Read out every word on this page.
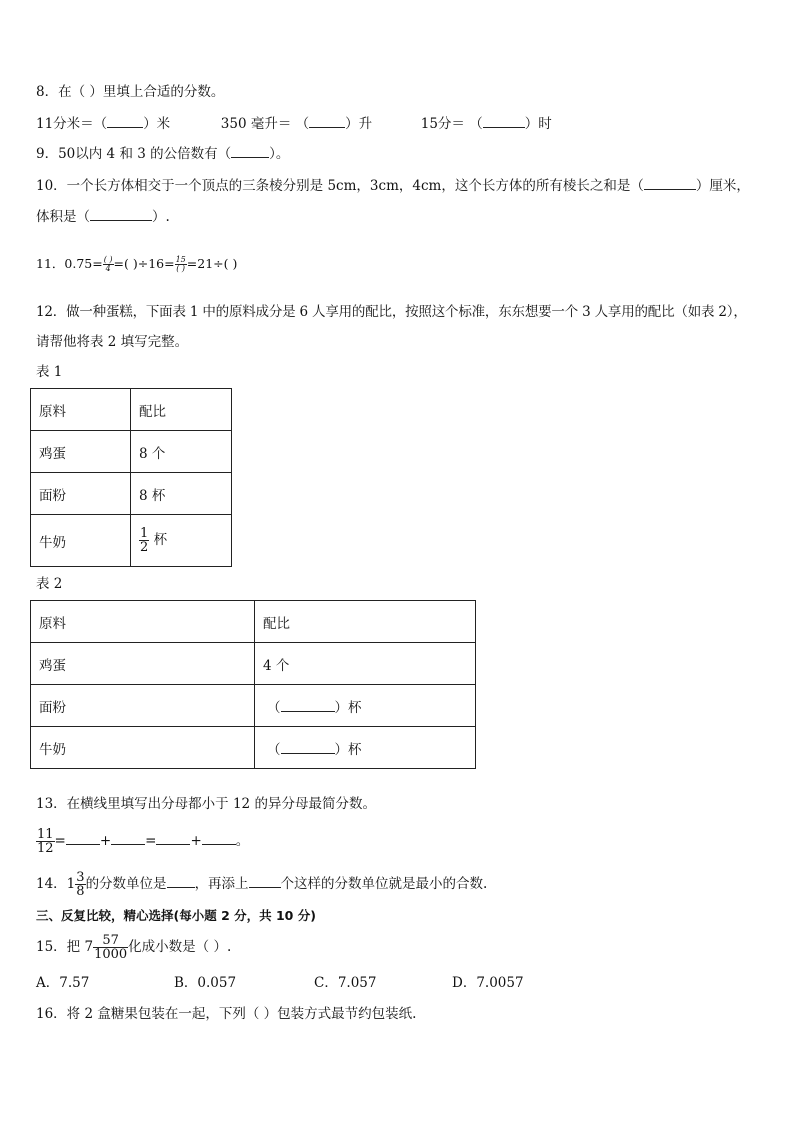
8．在（ ）里填上合适的分数。
11分米＝（	）米	350 毫升＝ （	）升	15分＝ （	）时
9．50以内 4 和 3 的公倍数有（	）。
10．一个长方体相交于一个顶点的三条棱分别是 5cm，3cm，4cm，这个长方体的所有棱长之和是（	）厘米，
体积是（	）.
11．$0.75= \frac{( )}{4}$ =( )$\div 16= \frac{15}{( )} =21\div$( )
12．做一种蛋糕，下面表 1 中的原料成分是 6 人享用的配比，按照这个标准，东东想要一个 3 人享用的配比（如表 2），
请帮他将表 2 填写完整。
表 1
原料	配比
鸡蛋	8 个
面粉	8 杯
牛奶	$\frac{1}{2}$ 杯
表 2
原料	配比
鸡蛋	4 个
面粉	（ ）杯
牛奶	（ ）杯
13．在横线里填写出分母都小于 12 的异分母最简分数。
$\frac{11}{12}$ =	+	=	+	。
14．$1 \frac{3}{8}$ 的分数单位是 ，再添上 个这样的分数单位就是最小的合数.
三、反复比较，精心选择(每小题 2 分，共 10 分)
15．把 $7 \frac{57}{1000}$ 化成小数是（ ）.
A．7.57	B．0.057	C．7.057	D．7.0057
16．将 2 盒糖果包装在一起，下列（ ）包装方式最节约包装纸.
